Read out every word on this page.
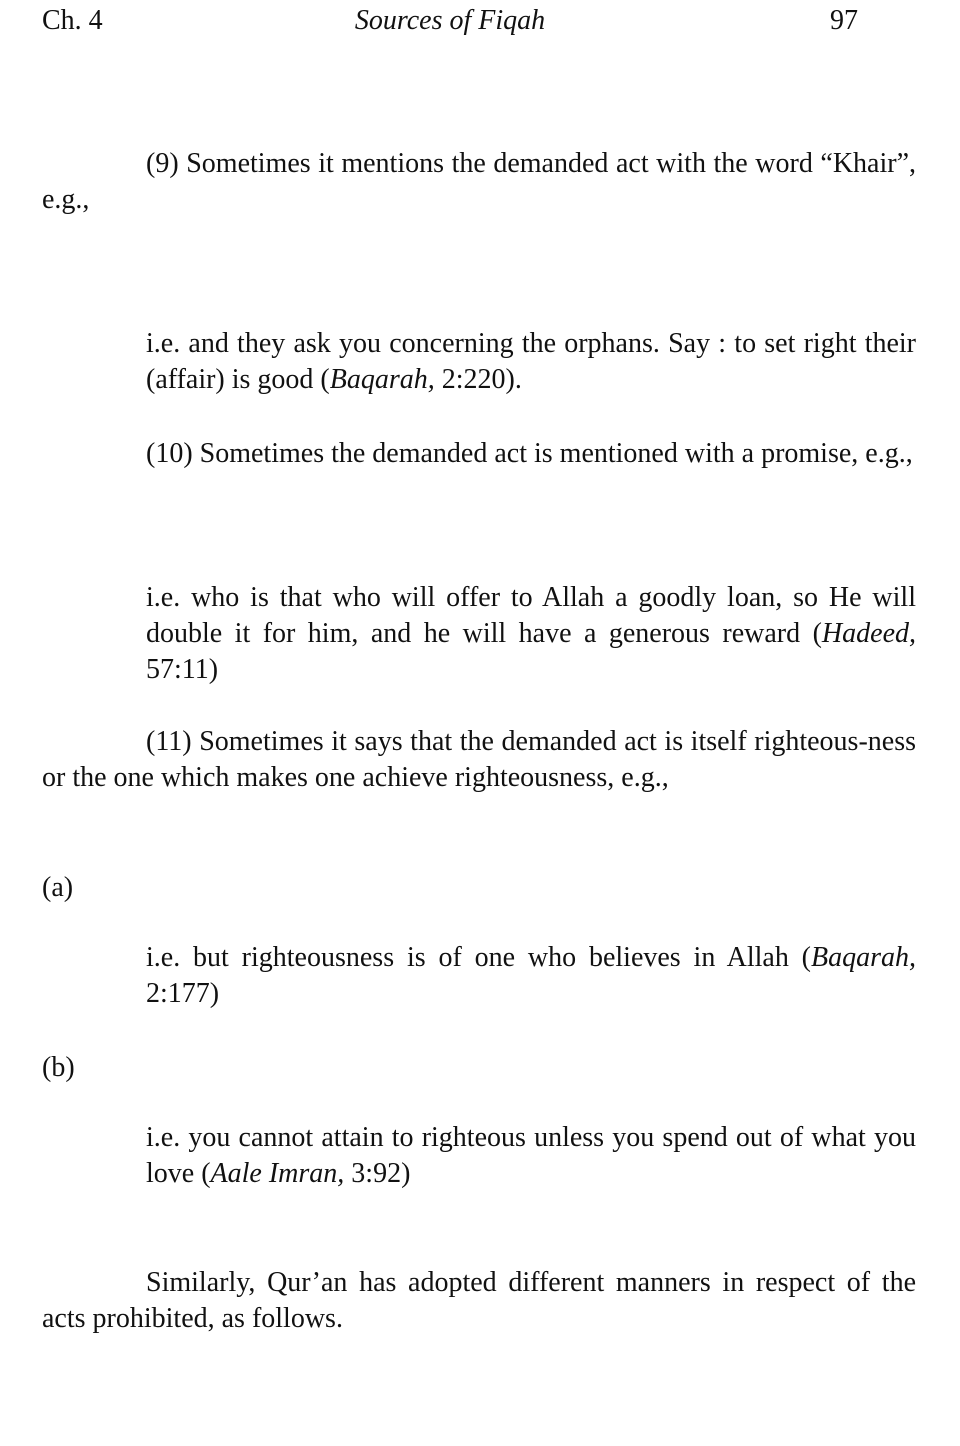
Ch. 4	Sources of Fiqah	97

(9) Sometimes it mentions the demanded act with the word “Khair”, e.g.,

i.e. and they ask you concerning the orphans. Say : to set right their (affair) is good (Baqarah, 2:220).

(10) Sometimes the demanded act is mentioned with a promise, e.g.,

i.e. who is that who will offer to Allah a goodly loan, so He will double it for him, and he will have a generous reward (Hadeed, 57:11)

(11) Sometimes it says that the demanded act is itself righteous-ness or the one which makes one achieve righteousness, e.g.,

(a)

i.e. but righteousness is of one who believes in Allah (Baqarah, 2:177)

(b)

i.e. you cannot attain to righteous unless you spend out of what you love (Aale Imran, 3:92)

Similarly, Qur’an has adopted different manners in respect of the acts prohibited, as follows.
